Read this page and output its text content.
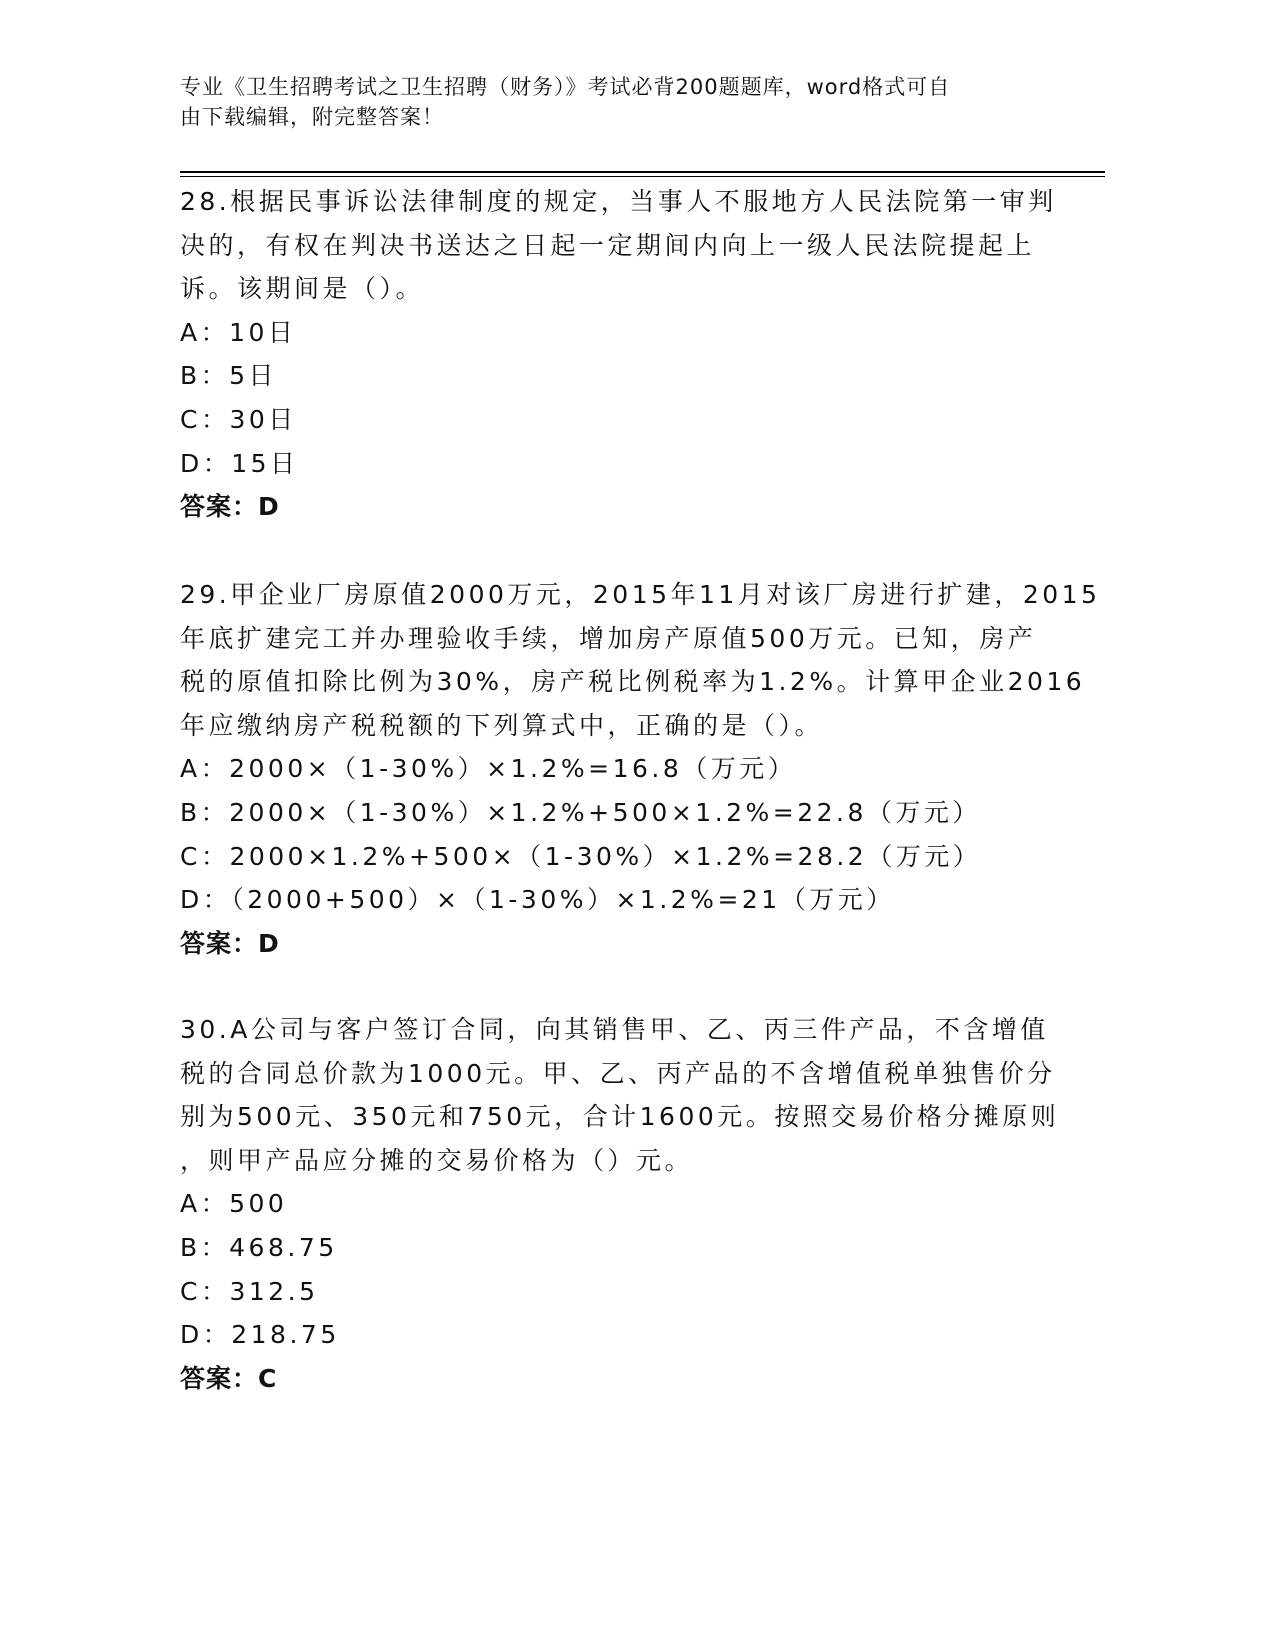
专业《卫生招聘考试之卫生招聘（财务）》考试必背200题题库，word格式可自
由下载编辑，附完整答案！
28.根据民事诉讼法律制度的规定，当事人不服地方人民法院第一审判
决的，有权在判决书送达之日起一定期间内向上一级人民法院提起上
诉。该期间是（）。
A：10日
B：5日
C：30日
D：15日
答案：D
29.甲企业厂房原值2000万元，2015年11月对该厂房进行扩建，2015
年底扩建完工并办理验收手续，增加房产原值500万元。已知，房产
税的原值扣除比例为30%，房产税比例税率为1.2%。计算甲企业2016
年应缴纳房产税税额的下列算式中，正确的是（）。
A：2000×（1-30%）×1.2%=16.8（万元）
B：2000×（1-30%）×1.2%+500×1.2%=22.8（万元）
C：2000×1.2%+500×（1-30%）×1.2%=28.2（万元）
D：（2000+500）×（1-30%）×1.2%=21（万元）
答案：D
30.A公司与客户签订合同，向其销售甲、乙、丙三件产品，不含增值
税的合同总价款为1000元。甲、乙、丙产品的不含增值税单独售价分
别为500元、350元和750元，合计1600元。按照交易价格分摊原则
，则甲产品应分摊的交易价格为（）元。
A：500
B：468.75
C：312.5
D：218.75
答案：C
